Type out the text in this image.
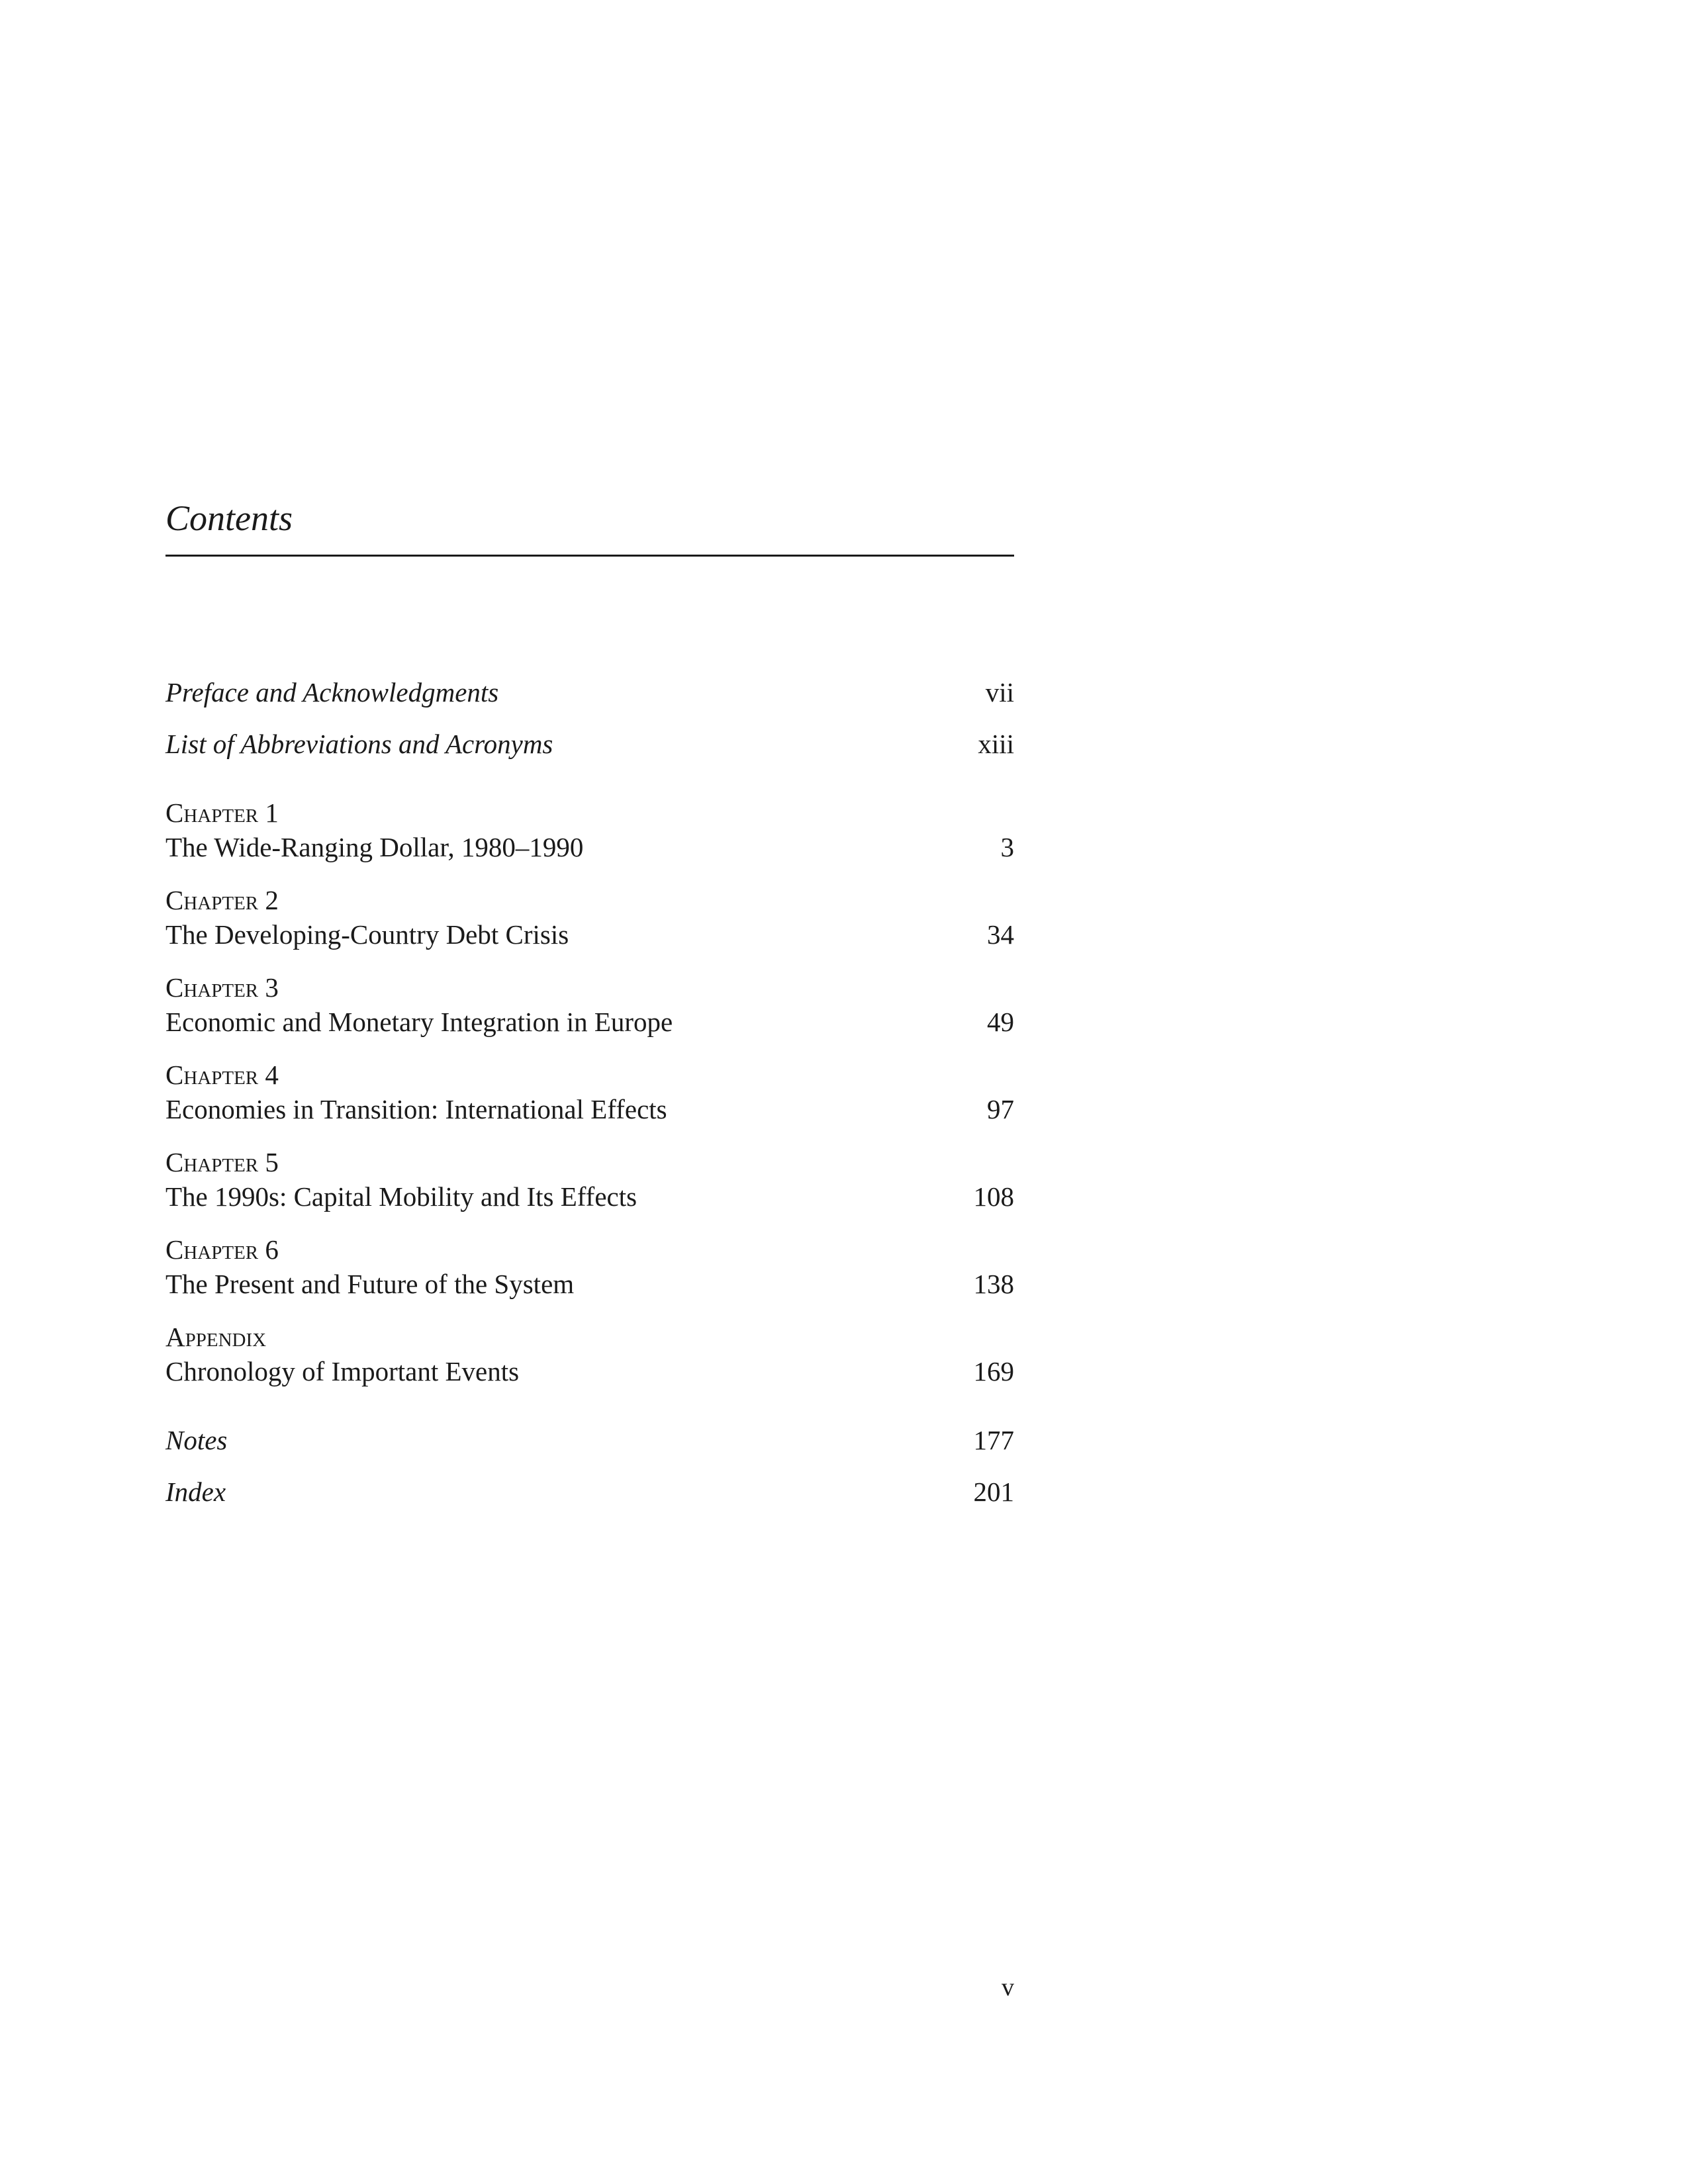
Contents
Preface and Acknowledgments	vii
List of Abbreviations and Acronyms	xiii
Chapter 1
The Wide-Ranging Dollar, 1980–1990	3
Chapter 2
The Developing-Country Debt Crisis	34
Chapter 3
Economic and Monetary Integration in Europe	49
Chapter 4
Economies in Transition: International Effects	97
Chapter 5
The 1990s: Capital Mobility and Its Effects	108
Chapter 6
The Present and Future of the System	138
Appendix
Chronology of Important Events	169
Notes	177
Index	201
v
